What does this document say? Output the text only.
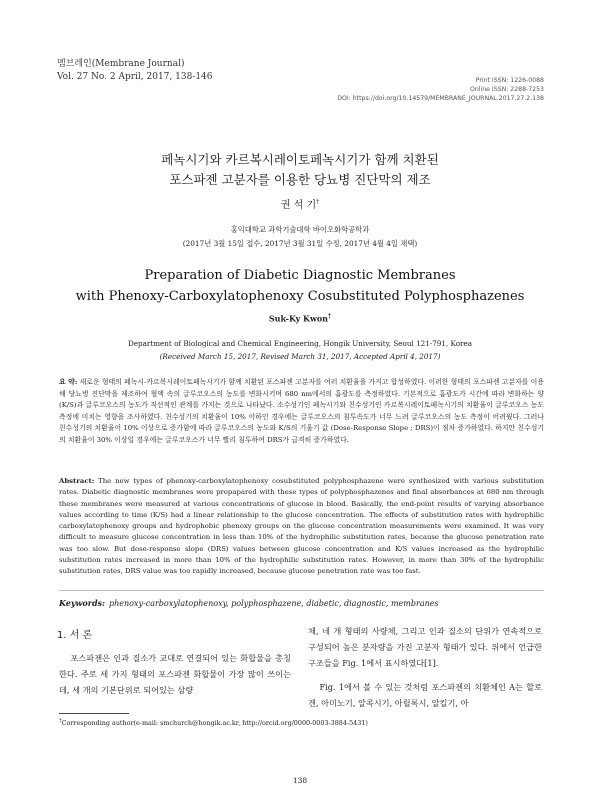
멤브레인(Membrane Journal)
Vol. 27 No. 2 April, 2017, 138-146	Print ISSN: 1226-0088
Online ISSN: 2288-7253
DOI: https://doi.org/10.14579/MEMBRANE_JOURNAL.2017.27.2.138
페녹시기와 카르복시레이토페녹시기가 함께 치환된
포스파젠 고분자를 이용한 당뇨병 진단막의 제조
권 석 기†
홍익대학교 과학기술대학 바이오화학공학과
(2017년 3월 15일 접수, 2017년 3월 31일 수정, 2017년 4월 4일 채택)
Preparation of Diabetic Diagnostic Membranes
with Phenoxy-Carboxylatophenoxy Cosubstituted Polyphosphazenes
Suk-Ky Kwon†
Department of Biological and Chemical Engineering, Hongik University, Seoul 121-791, Korea
(Received March 15, 2017, Revised March 31, 2017, Accepted April 4, 2017)
요 약: 새로운 형태의 페녹시-카르복시레이토페녹시기가 함께 치환된 포스파젠 고분자를 여러 치환율을 가지고 합성하였다. 이러한 형태의 포스파젠 고분자를 이용해 당뇨병 진단막을 제조하여 혈액 속의 글루코오스의 농도를 변화시키며 680 nm에서의 흡광도를 측정하였다. 기본적으로 흡광도가 시간에 따라 변화하는 양(K/S)과 글루코오스의 농도가 직선적인 관계를 가지는 것으로 나타났다. 소수성기인 페녹시기와 친수성기인 카르복시레이토페녹시기의 치환율이 글루코오스 농도 측정에 미치는 영향을 조사하였다. 친수성기의 치환율이 10% 이하인 경우에는 글루코오스의 침투속도가 너무 느려 글루코오스의 농도 측정이 어려웠다. 그러나 친수성기의 치환율이 10% 이상으로 증가함에 따라 글루코오스의 농도와 K/S의 기울기 값 (Dose-Response Slope ; DRS)이 점차 증가하였다. 하지만 친수성기의 치환율이 30% 이상일 경우에는 글루코오스가 너무 빨리 침투하여 DRS가 급격히 증가하였다.
Abstract: The new types of phenoxy-carboxylatophenoxy cosubstituted polyphosphazene were synthesized with various substitution rates. Diabetic diagnostic membranes were prepapared with these types of polyphosphazenes and final absorbances at 680 nm through these membranes were measured at various concentrations of glucose in blood. Basically, the end-point results of varying absorbance values according to time (K/S) had a linear relationship to the glucose concentration. The effects of substitution rates with hydrophilic carboxylatophenoxy groups and hydrophobic phenoxy groups on the glucose concentration measurements were examined. It was very difficult to measure glucose concentration in less than 10% of the hydrophilic substitution rates, because the glucose penetration rate was too slow. But dose-response slope (DRS) values between glucose concentration and K/S values increased as the hydrophilic substitution rates increased in more than 10% of the hydrophilic substitution rates. However, in more than 30% of the hydrophilic substitution rates, DRS value was too rapidly increased, because glucose penetration rate was too fast.
Keywords: phenoxy-carboxylatophenoxy, polyphosphazene, diabetic, diagnostic, membranes
1. 서 론

포스파젠은 인과 질소가 교대로 연결되어 있는 화합물을 총칭한다. 주로 세 가지 형태의 포스파젠 화합물이 가장 많이 쓰이는데, 세 개의 기본단위로 되어있는 삼량

체, 네 개 형태의 사량체, 그리고 인과 질소의 단위가 연속적으로 구성되어 높은 분자량을 가진 고분자 형태가 있다. 위에서 언급한 구조들을 Fig. 1에서 표시하였다[1].

Fig. 1에서 볼 수 있는 것처럼 포스파젠의 치환체인 A는 할로겐, 아미노기, 알콕시기, 아릴록시, 알킬기, 아

†Corresponding author(e-mail: smchurch@hongik.ac.kr, http://orcid.org/0000-0003-3884-5431)
138
